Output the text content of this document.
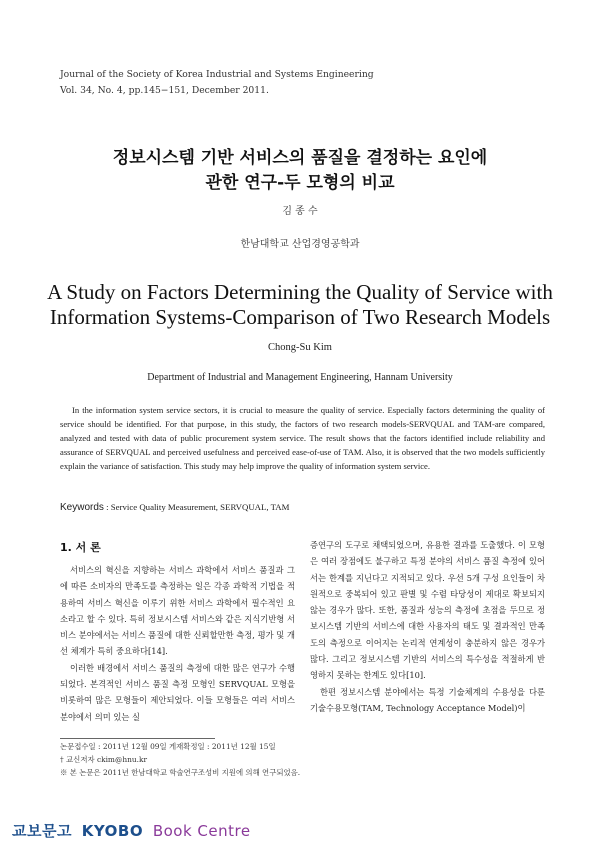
Journal of the Society of Korea Industrial and Systems Engineering
Vol. 34, No. 4, pp.145−151, December 2011.
정보시스템 기반 서비스의 품질을 결정하는 요인에
관한 연구-두 모형의 비교
김 종 수
한남대학교 산업경영공학과
A Study on Factors Determining the Quality of Service with
Information Systems-Comparison of Two Research Models
Chong-Su Kim
Department of Industrial and Management Engineering, Hannam University
In the information system service sectors, it is crucial to measure the quality of service. Especially factors determining the quality of service should be identified. For that purpose, in this study, the factors of two research models-SERVQUAL and TAM-are compared, analyzed and tested with data of public procurement system service. The result shows that the factors identified include reliability and assurance of SERVQUAL and perceived usefulness and perceived ease-of-use of TAM. Also, it is observed that the two models sufficiently explain the variance of satisfaction. This study may help improve the quality of information system service.
Keywords : Service Quality Measurement, SERVQUAL, TAM
1. 서 론

서비스의 혁신을 지향하는 서비스 과학에서 서비스 품질과 그에 따른 소비자의 만족도를 측정하는 일은 각종 과학적 기법을 적용하여 서비스 혁신을 이루기 위한 서비스 과학에서 필수적인 요소라고 할 수 있다. 특히 정보시스템 서비스와 같은 지식기반형 서비스 분야에서는 서비스 품질에 대한 신뢰할만한 측정, 평가 및 개선 체계가 특히 중요하다[14].

이러한 배경에서 서비스 품질의 측정에 대한 많은 연구가 수행되었다. 본격적인 서비스 품질 측정 모형인 SERVQUAL 모형을 비롯하여 많은 모형들이 제안되었다. 이들 모형들은 여러 서비스 분야에서 의미 있는 실

증연구의 도구로 채택되었으며, 유용한 결과를 도출했다. 이 모형은 여러 장점에도 불구하고 특정 분야의 서비스 품질 측정에 있어서는 한계를 지닌다고 지적되고 있다. 우선 5개 구성 요인들이 차원적으로 중복되어 있고 판별 및 수렴 타당성이 제대로 확보되지 않는 경우가 많다. 또한, 품질과 성능의 측정에 초점을 두므로 정보시스템 기반의 서비스에 대한 사용자의 태도 및 결과적인 만족도의 측정으로 이어지는 논리적 연계성이 충분하지 않은 경우가 많다. 그리고 정보시스템 기반의 서비스의 특수성을 적절하게 반영하지 못하는 한계도 있다[10].

한편 정보시스템 분야에서는 특정 기술체계의 수용성을 다룬 기술수용모형(TAM, Technology Acceptance Model)이

논문접수일 : 2011년 12월 09일 게재확정일 : 2011년 12월 15일
† 교신저자 ckim@hnu.kr
※ 본 논문은 2011년 한남대학교 학술연구조성비 지원에 의해 연구되었음.
교보문고 KYOBO Book Centre
